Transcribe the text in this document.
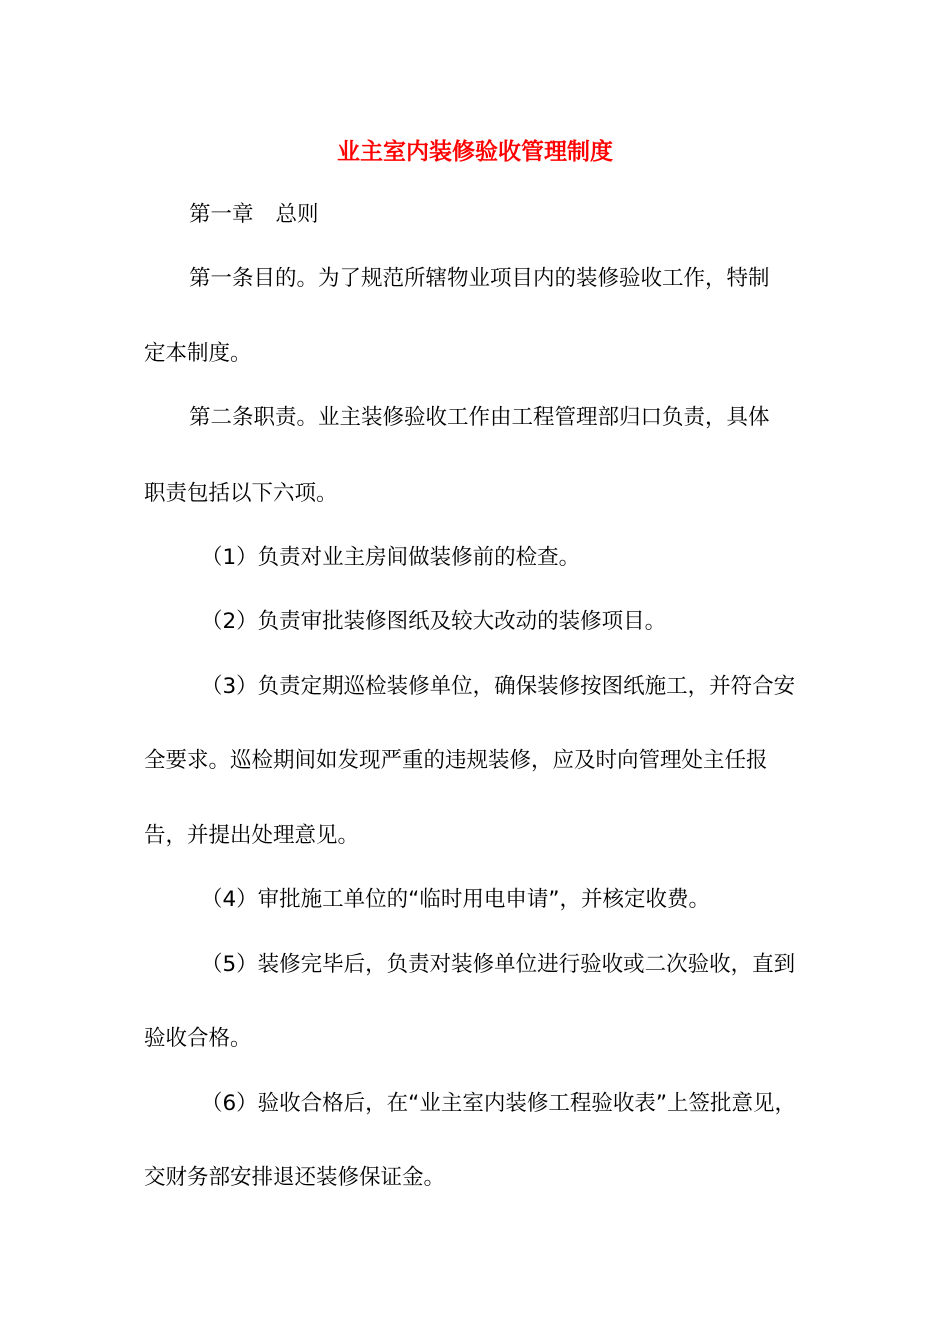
业主室内装修验收管理制度
第一章 总则
第一条目的。为了规范所辖物业项目内的装修验收工作，特制
定本制度。
第二条职责。业主装修验收工作由工程管理部归口负责，具体
职责包括以下六项。
（1）负责对业主房间做装修前的检查。
（2）负责审批装修图纸及较大改动的装修项目。
（3）负责定期巡检装修单位，确保装修按图纸施工，并符合安
全要求。巡检期间如发现严重的违规装修，应及时向管理处主任报
告，并提出处理意见。
（4）审批施工单位的“临时用电申请”，并核定收费。
（5）装修完毕后，负责对装修单位进行验收或二次验收，直到
验收合格。
（6）验收合格后，在“业主室内装修工程验收表”上签批意见，
交财务部安排退还装修保证金。
